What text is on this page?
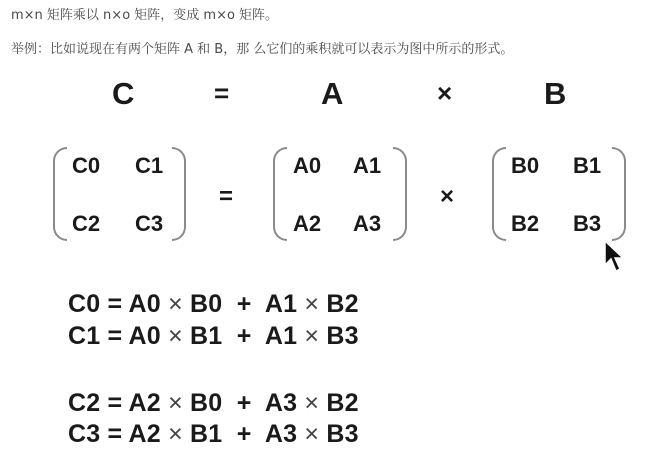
m×n 矩阵乘以 n×o 矩阵，变成 m×o 矩阵。
举例：比如说现在有两个矩阵 A 和 B，那 么它们的乘积就可以表示为图中所示的形式。
C	=	A	×	B
C0 C1
C2 C3
=
A0 A1
A2 A3
×
B0 B1
B2 B3
C0 = A0 × B0 + A1 × B2
C1 = A0 × B1 + A1 × B3
C2 = A2 × B0 + A3 × B2
C3 = A2 × B1 + A3 × B3
